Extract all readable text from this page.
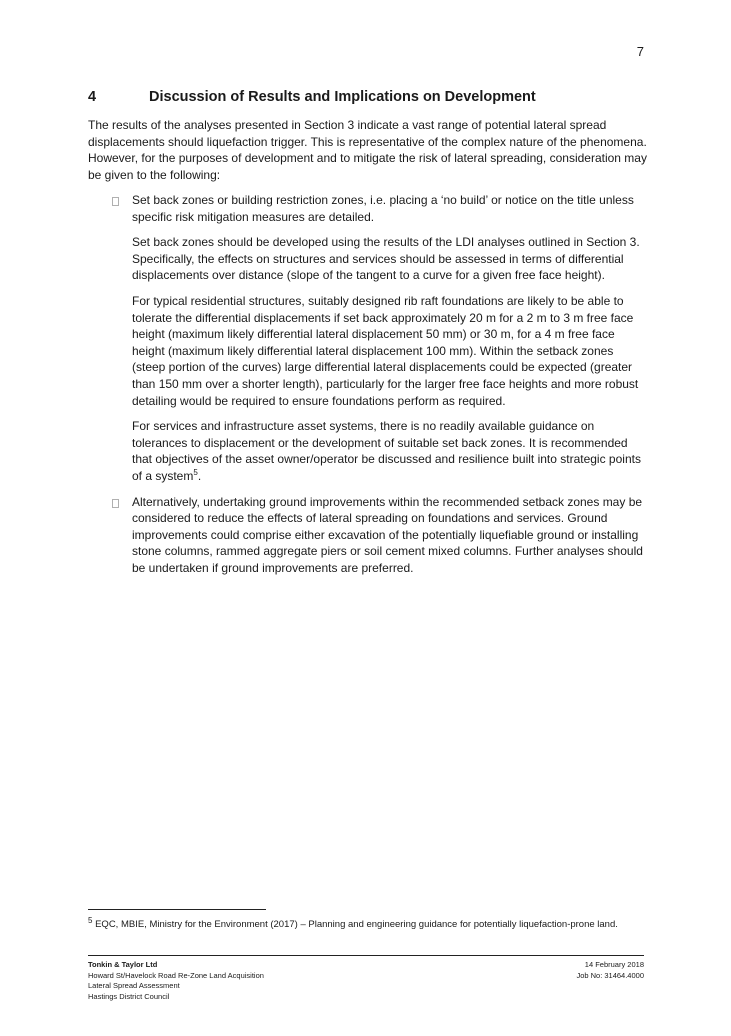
7
4	Discussion of Results and Implications on Development
The results of the analyses presented in Section 3 indicate a vast range of potential lateral spread displacements should liquefaction trigger. This is representative of the complex nature of the phenomena. However, for the purposes of development and to mitigate the risk of lateral spreading, consideration may be given to the following:

Set back zones or building restriction zones, i.e. placing a ‘no build’ or notice on the title unless specific risk mitigation measures are detailed.

Set back zones should be developed using the results of the LDI analyses outlined in Section 3. Specifically, the effects on structures and services should be assessed in terms of differential displacements over distance (slope of the tangent to a curve for a given free face height).

For typical residential structures, suitably designed rib raft foundations are likely to be able to tolerate the differential displacements if set back approximately 20 m for a 2 m to 3 m free face height (maximum likely differential lateral displacement 50 mm) or 30 m, for a 4 m free face height (maximum likely differential lateral displacement 100 mm). Within the setback zones (steep portion of the curves) large differential lateral displacements could be expected (greater than 150 mm over a shorter length), particularly for the larger free face heights and more robust detailing would be required to ensure foundations perform as required.

For services and infrastructure asset systems, there is no readily available guidance on tolerances to displacement or the development of suitable set back zones. It is recommended that objectives of the asset owner/operator be discussed and resilience built into strategic points of a system$^5$.

Alternatively, undertaking ground improvements within the recommended setback zones may be considered to reduce the effects of lateral spreading on foundations and services. Ground improvements could comprise either excavation of the potentially liquefiable ground or installing stone columns, rammed aggregate piers or soil cement mixed columns. Further analyses should be undertaken if ground improvements are preferred.

$^5$ EQC, MBIE, Ministry for the Environment (2017) – Planning and engineering guidance for potentially liquefaction-prone land.
Tonkin & Taylor Ltd
Howard St/Havelock Road Re-Zone Land Acquisition
Lateral Spread Assessment
Hastings District Council
14 February 2018
Job No: 31464.4000
